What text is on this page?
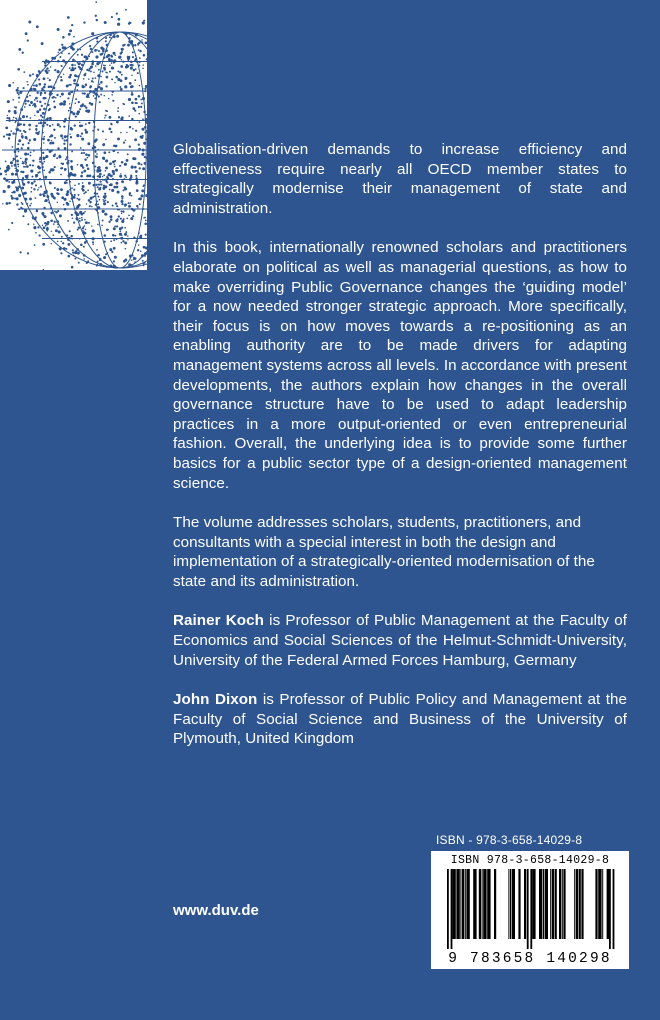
Globalisation-driven demands to increase efficiency and effectiveness require nearly all OECD member states to strategically modernise their management of state and administration.

In this book, internationally renowned scholars and practitioners elaborate on political as well as managerial questions, as how to make overriding Public Governance changes the ‘guiding model’ for a now needed stronger strategic approach. More specifically, their focus is on how moves towards a re-positioning as an enabling authority are to be made drivers for adapting management systems across all levels. In accordance with present developments, the authors explain how changes in the overall governance structure have to be used to adapt leadership practices in a more output-oriented or even entrepreneurial fashion. Overall, the underlying idea is to provide some further basics for a public sector type of a design-oriented management science.

The volume addresses scholars, students, practitioners, and consultants with a special interest in both the design and implementation of a strategically-oriented modernisation of the state and its administration.

Rainer Koch is Professor of Public Management at the Faculty of Economics and Social Sciences of the Helmut-Schmidt-University, University of the Federal Armed Forces Hamburg, Germany

John Dixon is Professor of Public Policy and Management at the Faculty of Social Science and Business of the University of Plymouth, United Kingdom

ISBN - 978-3-658-14029-8
ISBN 978-3-658-14029-8
9 783658 140298
www.duv.de
